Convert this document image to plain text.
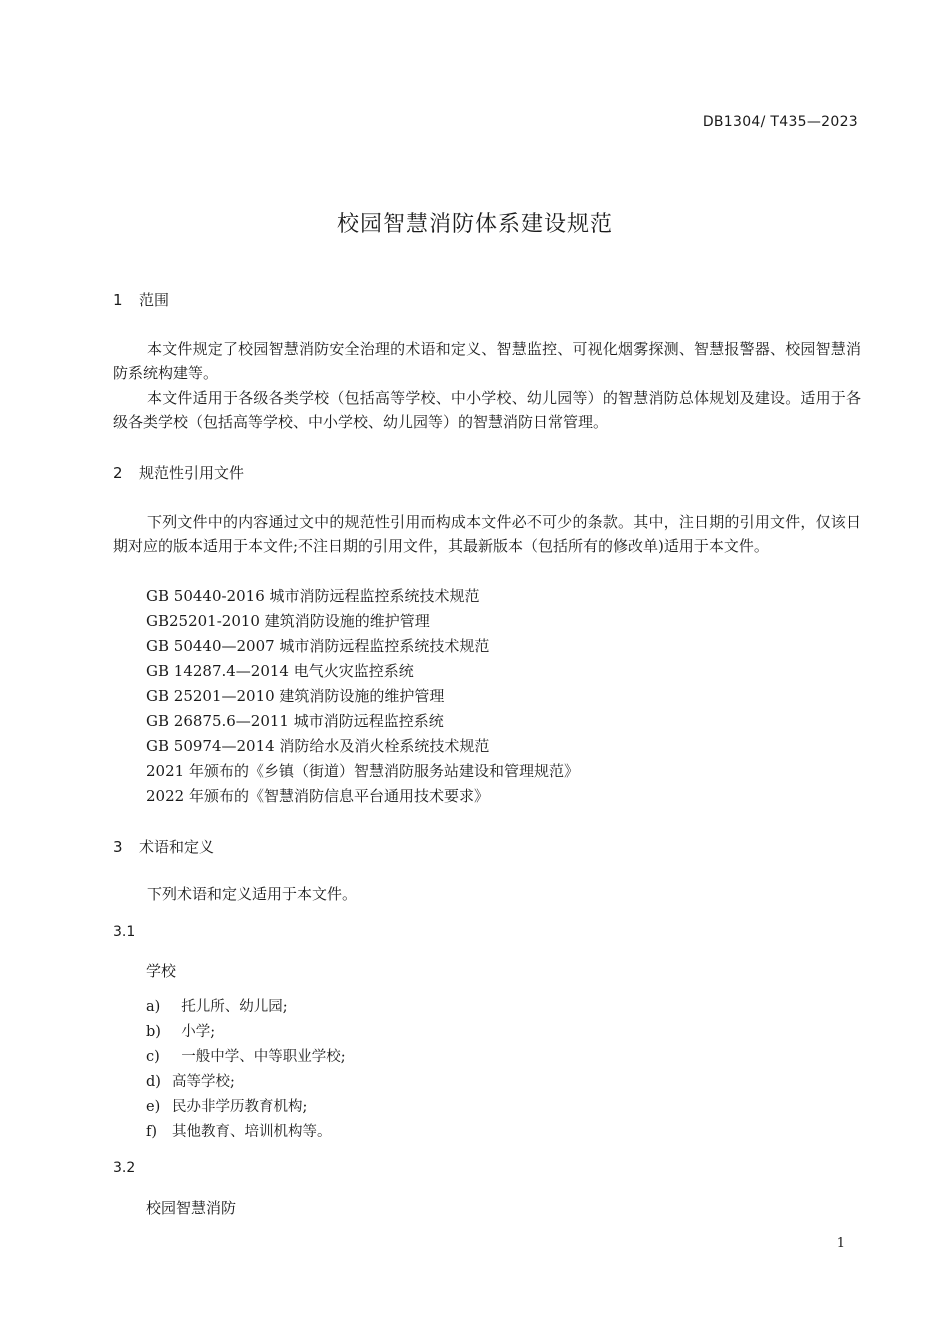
DB1304/ T435—2023
校园智慧消防体系建设规范
1 范围
本文件规定了校园智慧消防安全治理的术语和定义、智慧监控、可视化烟雾探测、智慧报警器、校园智慧消防系统构建等。
本文件适用于各级各类学校（包括高等学校、中小学校、幼儿园等）的智慧消防总体规划及建设。适用于各级各类学校（包括高等学校、中小学校、幼儿园等）的智慧消防日常管理。
2 规范性引用文件
下列文件中的内容通过文中的规范性引用而构成本文件必不可少的条款。其中，注日期的引用文件，仅该日期对应的版本适用于本文件;不注日期的引用文件，其最新版本（包括所有的修改单)适用于本文件。
GB 50440-2016 城市消防远程监控系统技术规范
GB25201-2010 建筑消防设施的维护管理
GB 50440—2007 城市消防远程监控系统技术规范
GB 14287.4—2014 电气火灾监控系统
GB 25201—2010 建筑消防设施的维护管理
GB 26875.6—2011 城市消防远程监控系统
GB 50974—2014 消防给水及消火栓系统技术规范
2021 年颁布的《乡镇（街道）智慧消防服务站建设和管理规范》
2022 年颁布的《智慧消防信息平台通用技术要求》
3 术语和定义
下列术语和定义适用于本文件。
3.1
学校
a) 托儿所、幼儿园;
b) 小学;
c) 一般中学、中等职业学校;
d) 高等学校;
e) 民办非学历教育机构;
f) 其他教育、培训机构等。
3.2
校园智慧消防
1
